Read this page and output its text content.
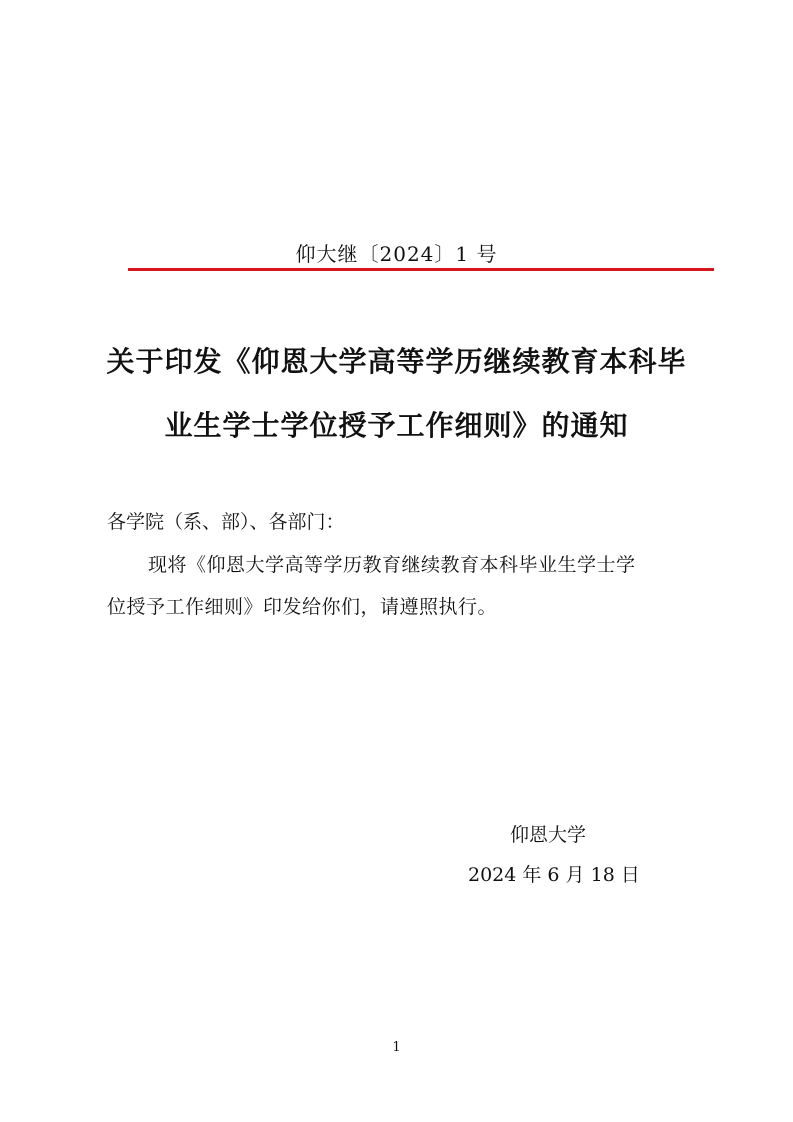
仰大继〔2024〕1 号
关于印发《仰恩大学高等学历继续教育本科毕
业生学士学位授予工作细则》的通知
各学院（系、部）、各部门：
现将《仰恩大学高等学历教育继续教育本科毕业生学士学
位授予工作细则》印发给你们，请遵照执行。
仰恩大学
2024 年 6 月 18 日
1
